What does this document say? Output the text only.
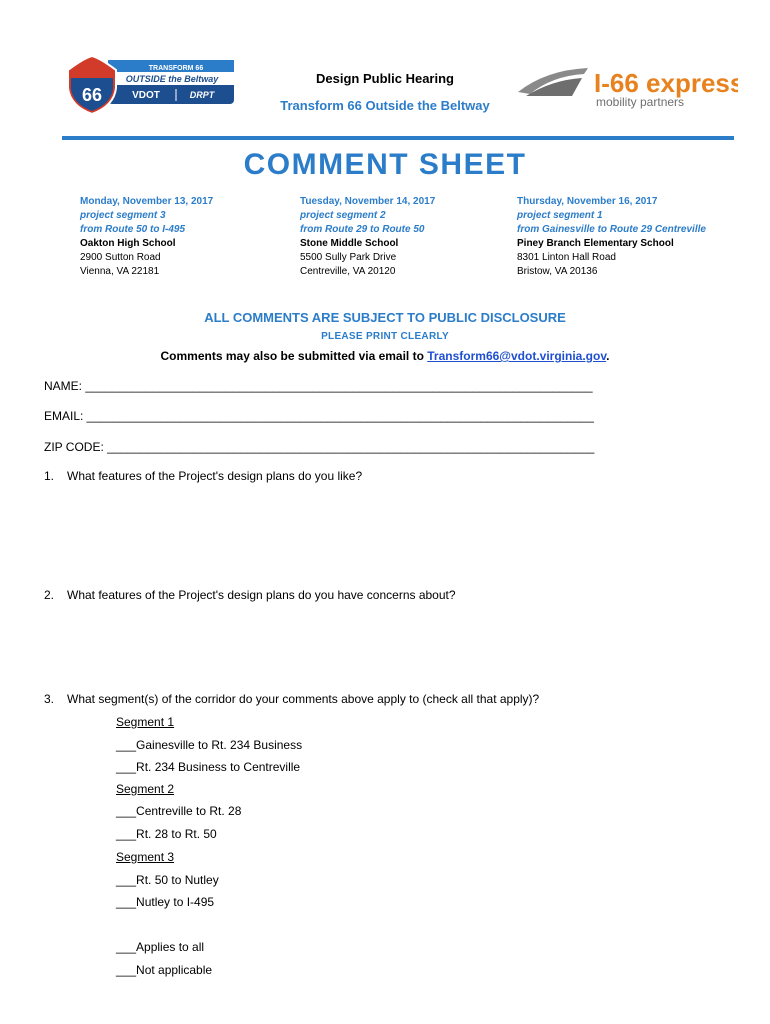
66
TRANSFORM 66
OUTSIDE the Beltway
VDOT	DRPT
Design Public Hearing
Transform 66 Outside the Beltway
I-66 express
mobility partners
COMMENT SHEET
Monday, November 13, 2017
project segment 3
from Route 50 to I-495
Oakton High School
2900 Sutton Road
Vienna, VA 22181
Tuesday, November 14, 2017
project segment 2
from Route 29 to Route 50
Stone Middle School
5500 Sully Park Drive
Centreville, VA 20120
Thursday, November 16, 2017
project segment 1
from Gainesville to Route 29 Centreville
Piney Branch Elementary School
8301 Linton Hall Road
Bristow, VA 20136
ALL COMMENTS ARE SUBJECT TO PUBLIC DISCLOSURE
PLEASE PRINT CLEARLY
Comments may also be submitted via email to Transform66@vdot.virginia.gov.
NAME: ____________________________________________________________________________
EMAIL: ____________________________________________________________________________
ZIP CODE: _________________________________________________________________________
1. What features of the Project's design plans do you like?
2. What features of the Project's design plans do you have concerns about?
3. What segment(s) of the corridor do your comments above apply to (check all that apply)?
Segment 1
___Gainesville to Rt. 234 Business
___Rt. 234 Business to Centreville
Segment 2
___Centreville to Rt. 28
___Rt. 28 to Rt. 50
Segment 3
___Rt. 50 to Nutley
___Nutley to I-495
___Applies to all
___Not applicable
